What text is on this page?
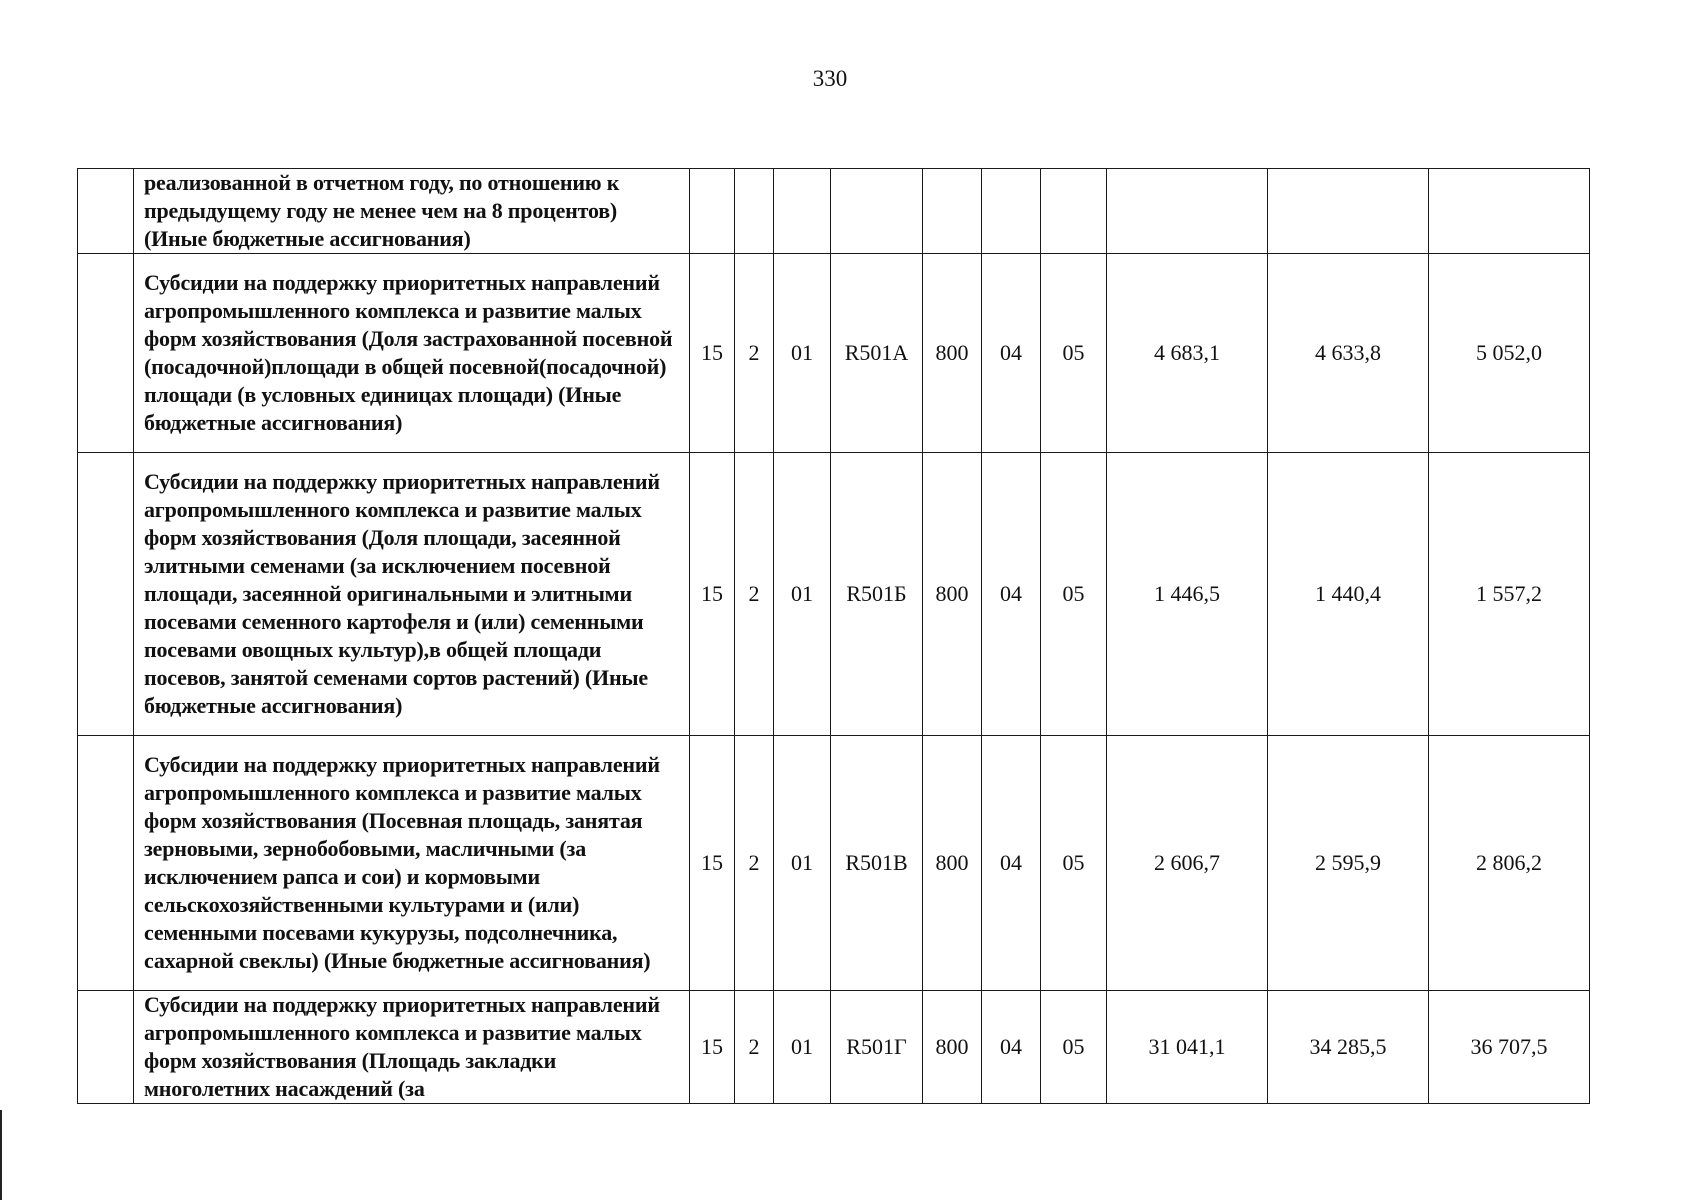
330
	реализованной в отчетном году, по отношению к предыдущему году не менее чем на 8 процентов) (Иные бюджетные ассигнования)										
	Субсидии на поддержку приоритетных направлений агропромышленного комплекса и развитие малых форм хозяйствования (Доля застрахованной посевной (посадочной)площади в общей посевной(посадочной) площади (в условных единицах площади) (Иные бюджетные ассигнования)	15	2	01	R501А	800	04	05	4 683,1	4 633,8	5 052,0
	Субсидии на поддержку приоритетных направлений агропромышленного комплекса и развитие малых форм хозяйствования (Доля площади, засеянной элитными семенами (за исключением посевной площади, засеянной оригинальными и элитными посевами семенного картофеля и (или) семенными посевами овощных культур),в общей площади посевов, занятой семенами сортов растений) (Иные бюджетные ассигнования)	15	2	01	R501Б	800	04	05	1 446,5	1 440,4	1 557,2
	Субсидии на поддержку приоритетных направлений агропромышленного комплекса и развитие малых форм хозяйствования (Посевная площадь, занятая зерновыми, зернобобовыми, масличными (за исключением рапса и сои) и кормовыми сельскохозяйственными культурами и (или) семенными посевами кукурузы, подсолнечника, сахарной свеклы) (Иные бюджетные ассигнования)	15	2	01	R501В	800	04	05	2 606,7	2 595,9	2 806,2
	Субсидии на поддержку приоритетных направлений агропромышленного комплекса и развитие малых форм хозяйствования (Площадь закладки многолетних насаждений (за	15	2	01	R501Г	800	04	05	31 041,1	34 285,5	36 707,5
